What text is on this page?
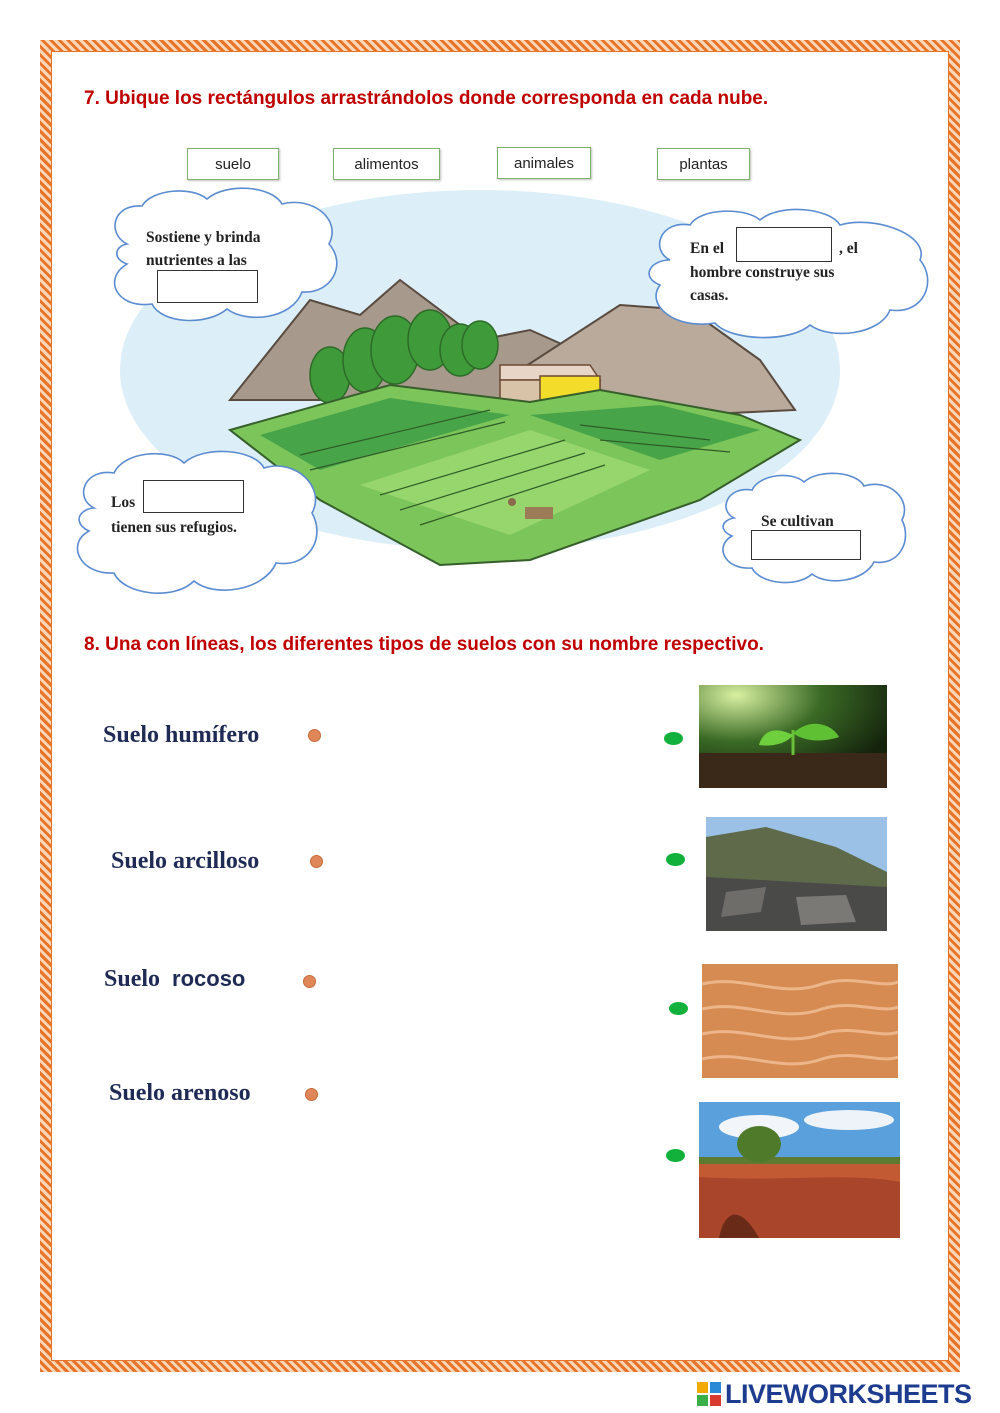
7. Ubique los rectángulos arrastrándolos donde corresponda en cada nube.
suelo	alimentos	animales	plantas
Sostiene y brinda
nutrientes a las
En el	, el
hombre construye sus
casas.
Los
tienen sus refugios.	Se cultivan
8. Una con líneas, los diferentes tipos de suelos con su nombre respectivo.
Suelo humífero
Suelo arcilloso
Suelo rocoso
Suelo arenoso
LIVEWORKSHEETS
